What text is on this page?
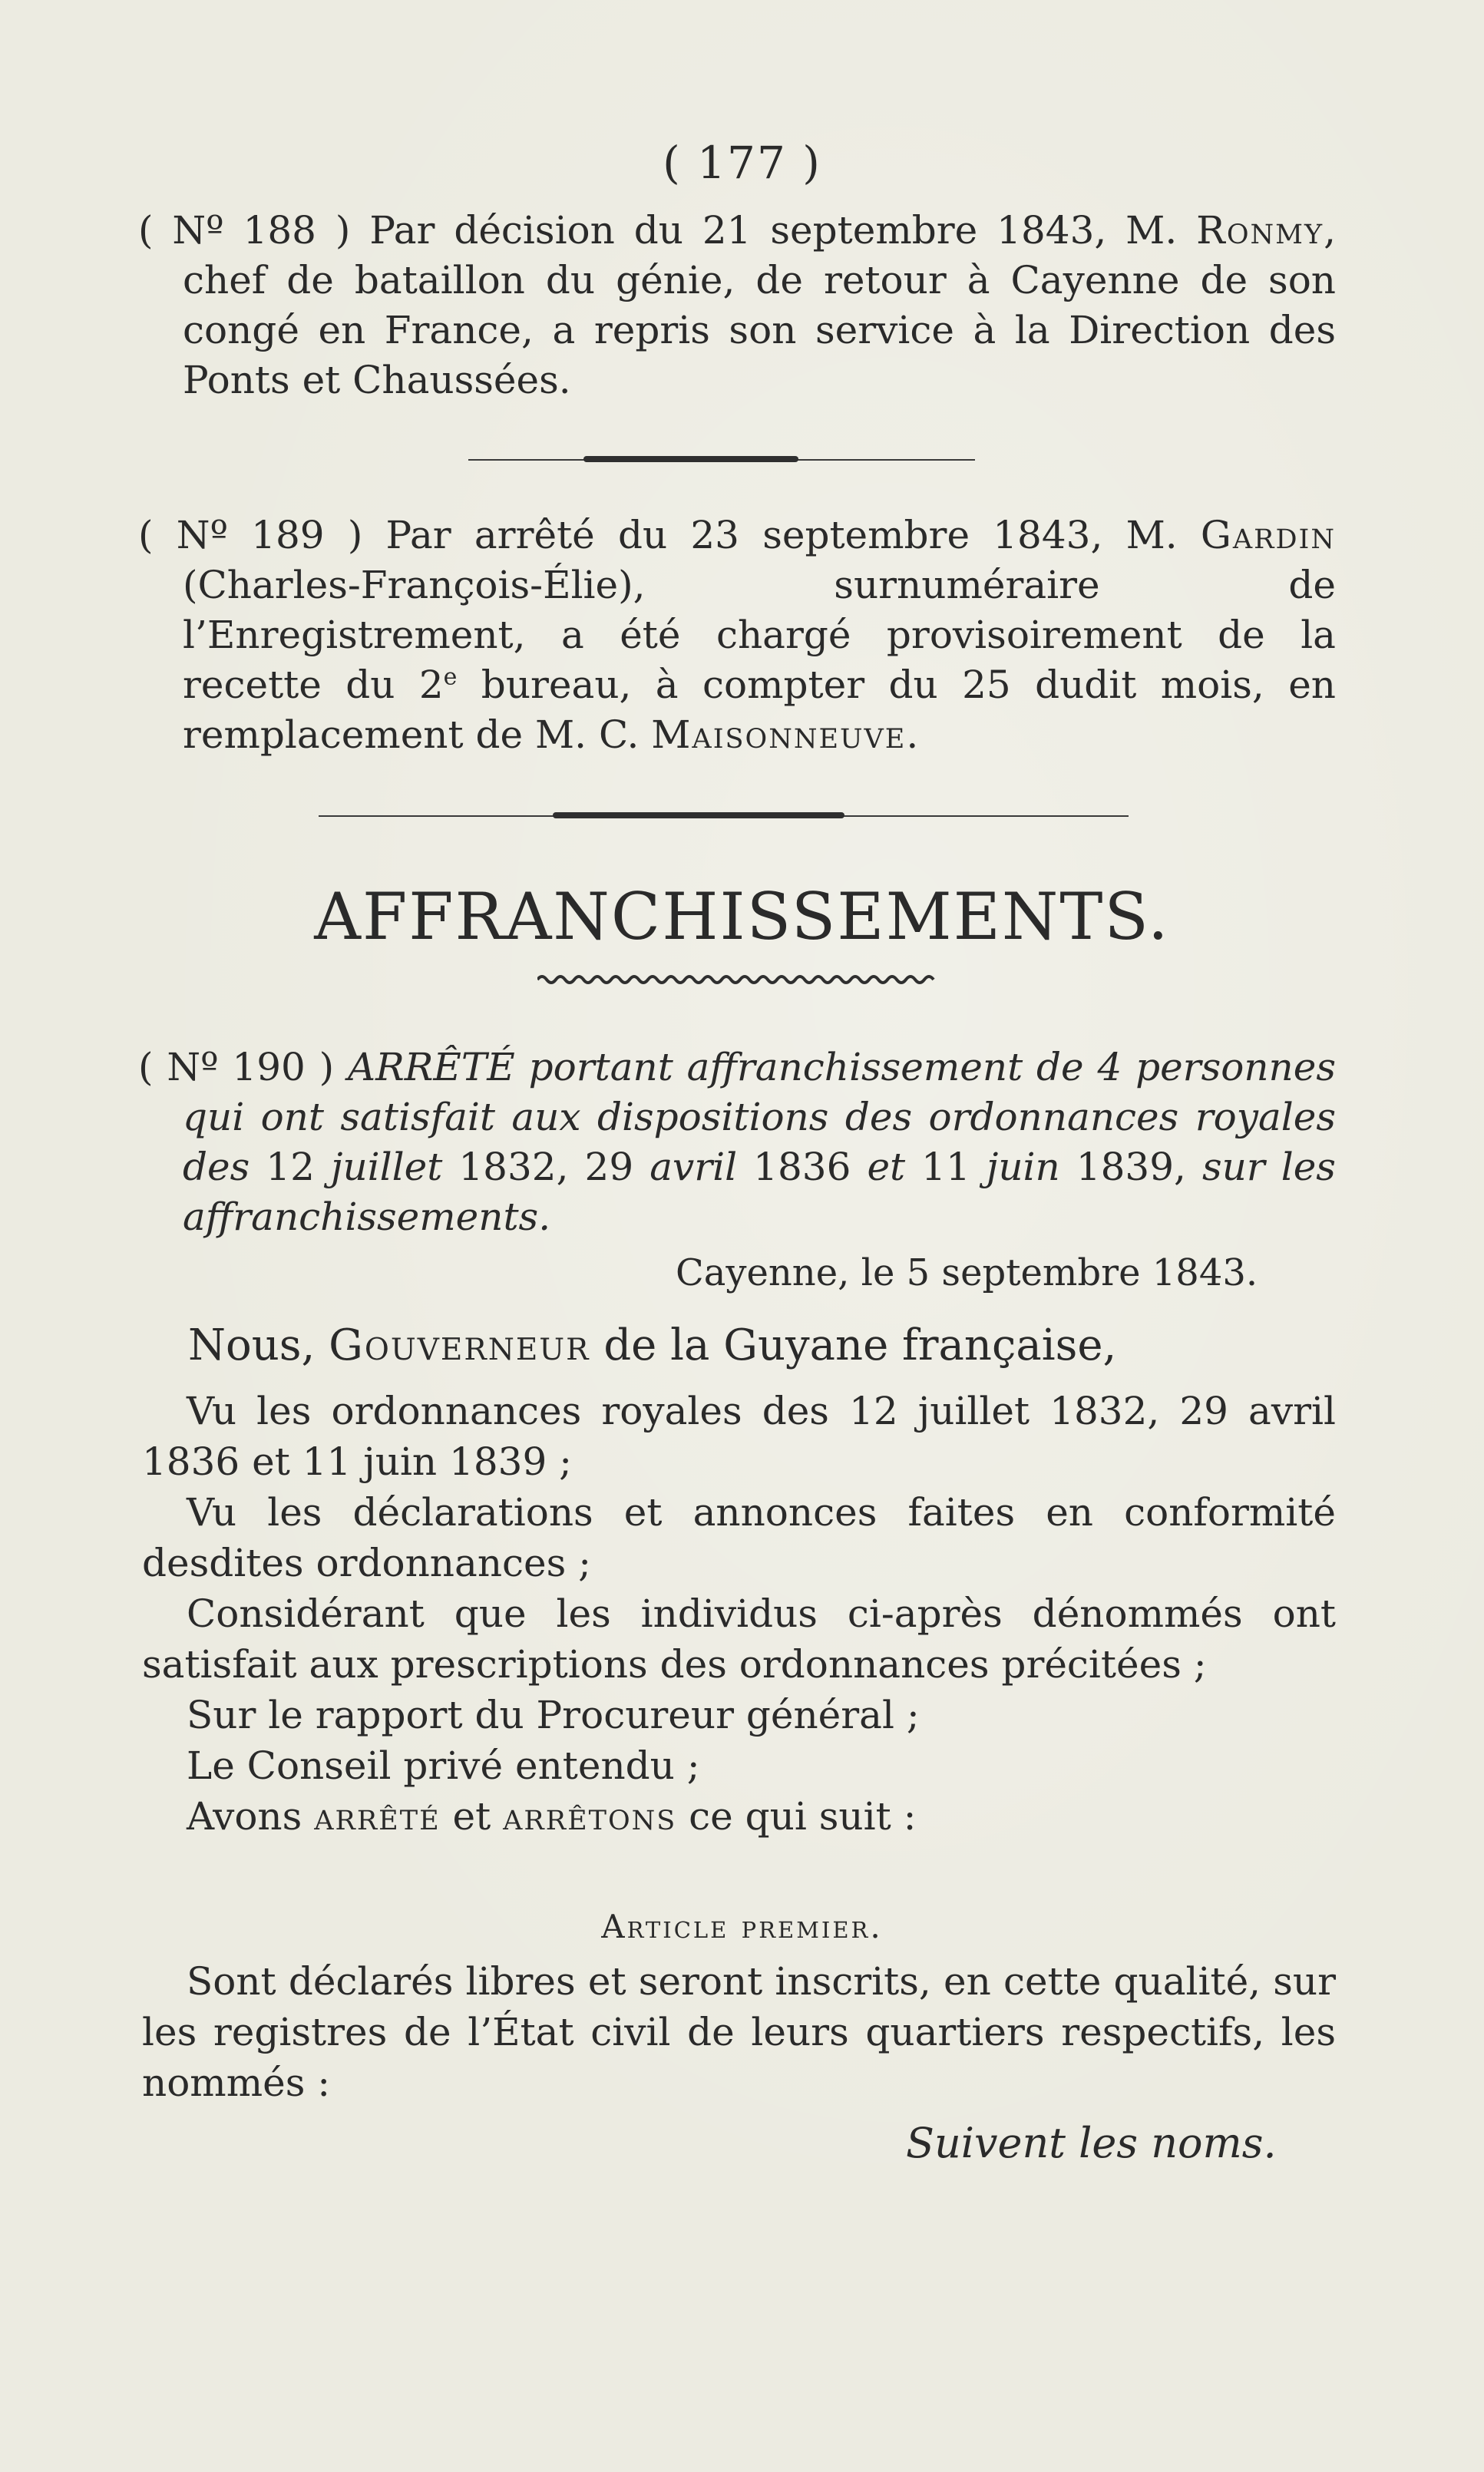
( 177 )
( Nº 188 ) Par décision du 21 septembre 1843, M. Ronmy, chef de bataillon du génie, de retour à Cayenne de son congé en France, a repris son service à la Direction des Ponts et Chaussées.
( Nº 189 ) Par arrêté du 23 septembre 1843, M. Gardin (Charles-François-Élie), surnuméraire de l’Enregistrement, a été chargé provisoirement de la recette du 2e bureau, à compter du 25 dudit mois, en remplacement de M. C. Maisonneuve.
AFFRANCHISSEMENTS.
( Nº 190 ) ARRÊTÉ portant affranchissement de 4 personnes qui ont satisfait aux dispositions des ordonnances royales des 12 juillet 1832, 29 avril 1836 et 11 juin 1839, sur les affranchissements.
Cayenne, le 5 septembre 1843.
Nous, Gouverneur de la Guyane française,

Vu les ordonnances royales des 12 juillet 1832, 29 avril 1836 et 11 juin 1839 ;

Vu les déclarations et annonces faites en conformité desdites ordonnances ;

Considérant que les individus ci-après dénommés ont satisfait aux prescriptions des ordonnances précitées ;

Sur le rapport du Procureur général ;

Le Conseil privé entendu ;

Avons arrêté et arrêtons ce qui suit :

Article premier.

Sont déclarés libres et seront inscrits, en cette qualité, sur les registres de l’État civil de leurs quartiers respectifs, les nommés :

Suivent les noms.
